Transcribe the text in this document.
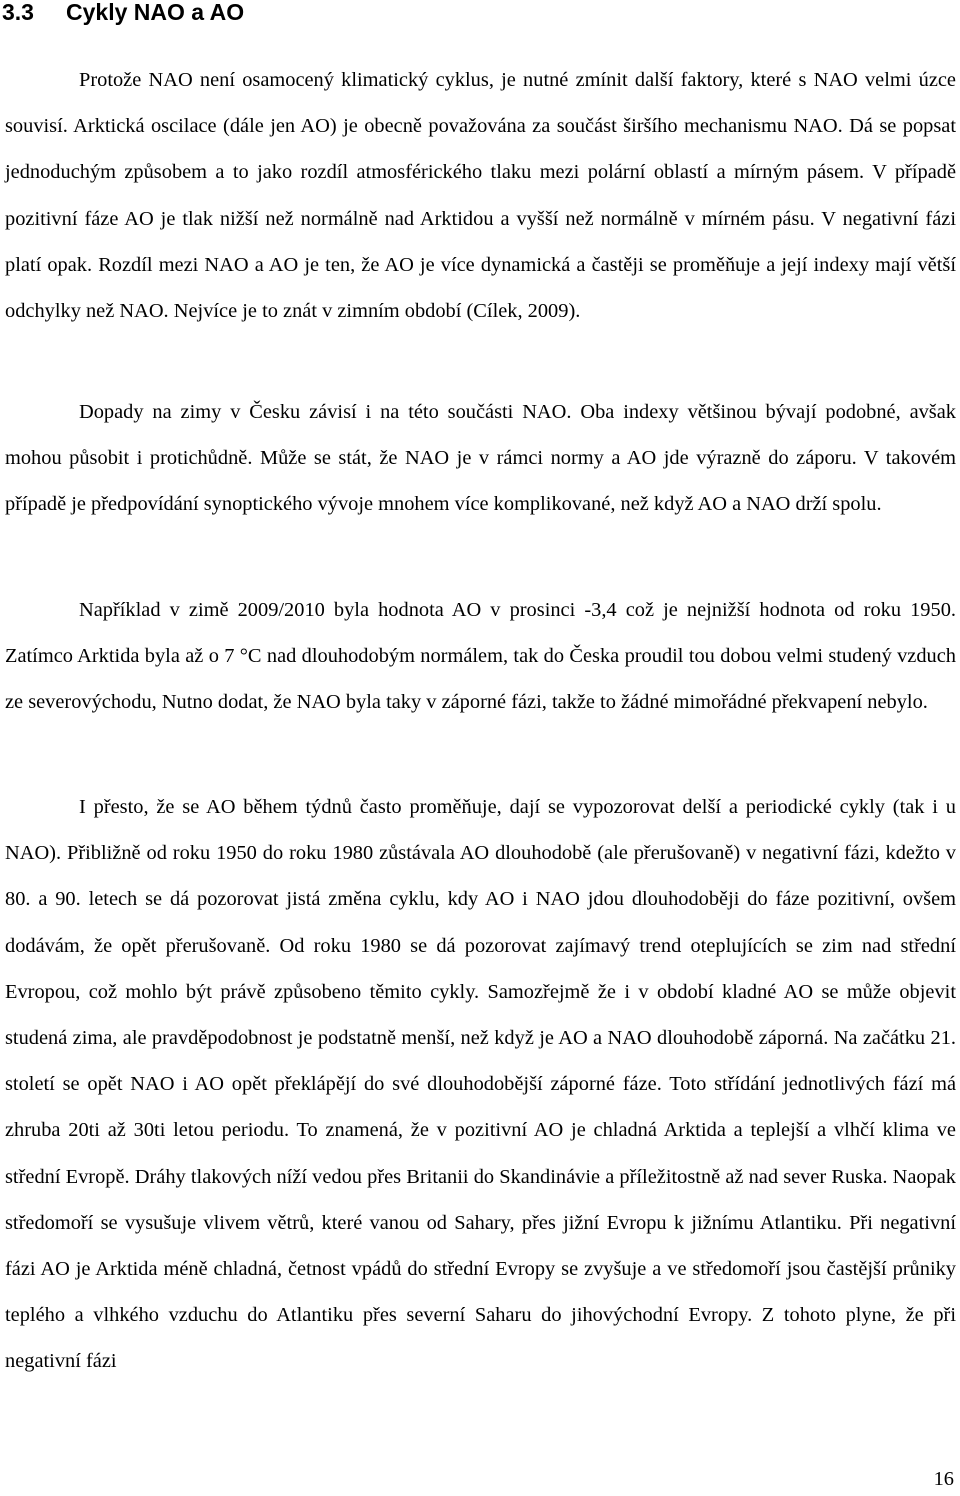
3.3 Cykly NAO a AO

Protože NAO není osamocený klimatický cyklus, je nutné zmínit další faktory, které s NAO velmi úzce souvisí. Arktická oscilace (dále jen AO) je obecně považována za součást širšího mechanismu NAO. Dá se popsat jednoduchým způsobem a to jako rozdíl atmosférického tlaku mezi polární oblastí a mírným pásem. V případě pozitivní fáze AO je tlak nižší než normálně nad Arktidou a vyšší než normálně v mírném pásu. V negativní fázi platí opak. Rozdíl mezi NAO a AO je ten, že AO je více dynamická a častěji se proměňuje a její indexy mají větší odchylky než NAO. Nejvíce je to znát v zimním období (Cílek, 2009).

Dopady na zimy v Česku závisí i na této součásti NAO. Oba indexy většinou bývají podobné, avšak mohou působit i protichůdně. Může se stát, že NAO je v rámci normy a AO jde výrazně do záporu. V takovém případě je předpovídání synoptického vývoje mnohem více komplikované, než když AO a NAO drží spolu.

Například v zimě 2009/2010 byla hodnota AO v prosinci -3,4 což je nejnižší hodnota od roku 1950. Zatímco Arktida byla až o 7 °C nad dlouhodobým normálem, tak do Česka proudil tou dobou velmi studený vzduch ze severovýchodu, Nutno dodat, že NAO byla taky v záporné fázi, takže to žádné mimořádné překvapení nebylo.

I přesto, že se AO během týdnů často proměňuje, dají se vypozorovat delší a periodické cykly (tak i u NAO). Přibližně od roku 1950 do roku 1980 zůstávala AO dlouhodobě (ale přerušovaně) v negativní fázi, kdežto v 80. a 90. letech se dá pozorovat jistá změna cyklu, kdy AO i NAO jdou dlouhodoběji do fáze pozitivní, ovšem dodávám, že opět přerušovaně. Od roku 1980 se dá pozorovat zajímavý trend oteplujících se zim nad střední Evropou, což mohlo být právě způsobeno těmito cykly. Samozřejmě že i v období kladné AO se může objevit studená zima, ale pravděpodobnost je podstatně menší, než když je AO a NAO dlouhodobě záporná. Na začátku 21. století se opět NAO i AO opět překlápějí do své dlouhodobější záporné fáze. Toto střídání jednotlivých fází má zhruba 20ti až 30ti letou periodu. To znamená, že v pozitivní AO je chladná Arktida a teplejší a vlhčí klima ve střední Evropě. Dráhy tlakových níží vedou přes Britanii do Skandinávie a příležitostně až nad sever Ruska. Naopak středomoří se vysušuje vlivem větrů, které vanou od Sahary, přes jižní Evropu k jižnímu Atlantiku. Při negativní fázi AO je Arktida méně chladná, četnost vpádů do střední Evropy se zvyšuje a ve středomoří jsou častější průniky teplého a vlhkého vzduchu do Atlantiku přes severní Saharu do jihovýchodní Evropy. Z tohoto plyne, že při negativní fázi

16
